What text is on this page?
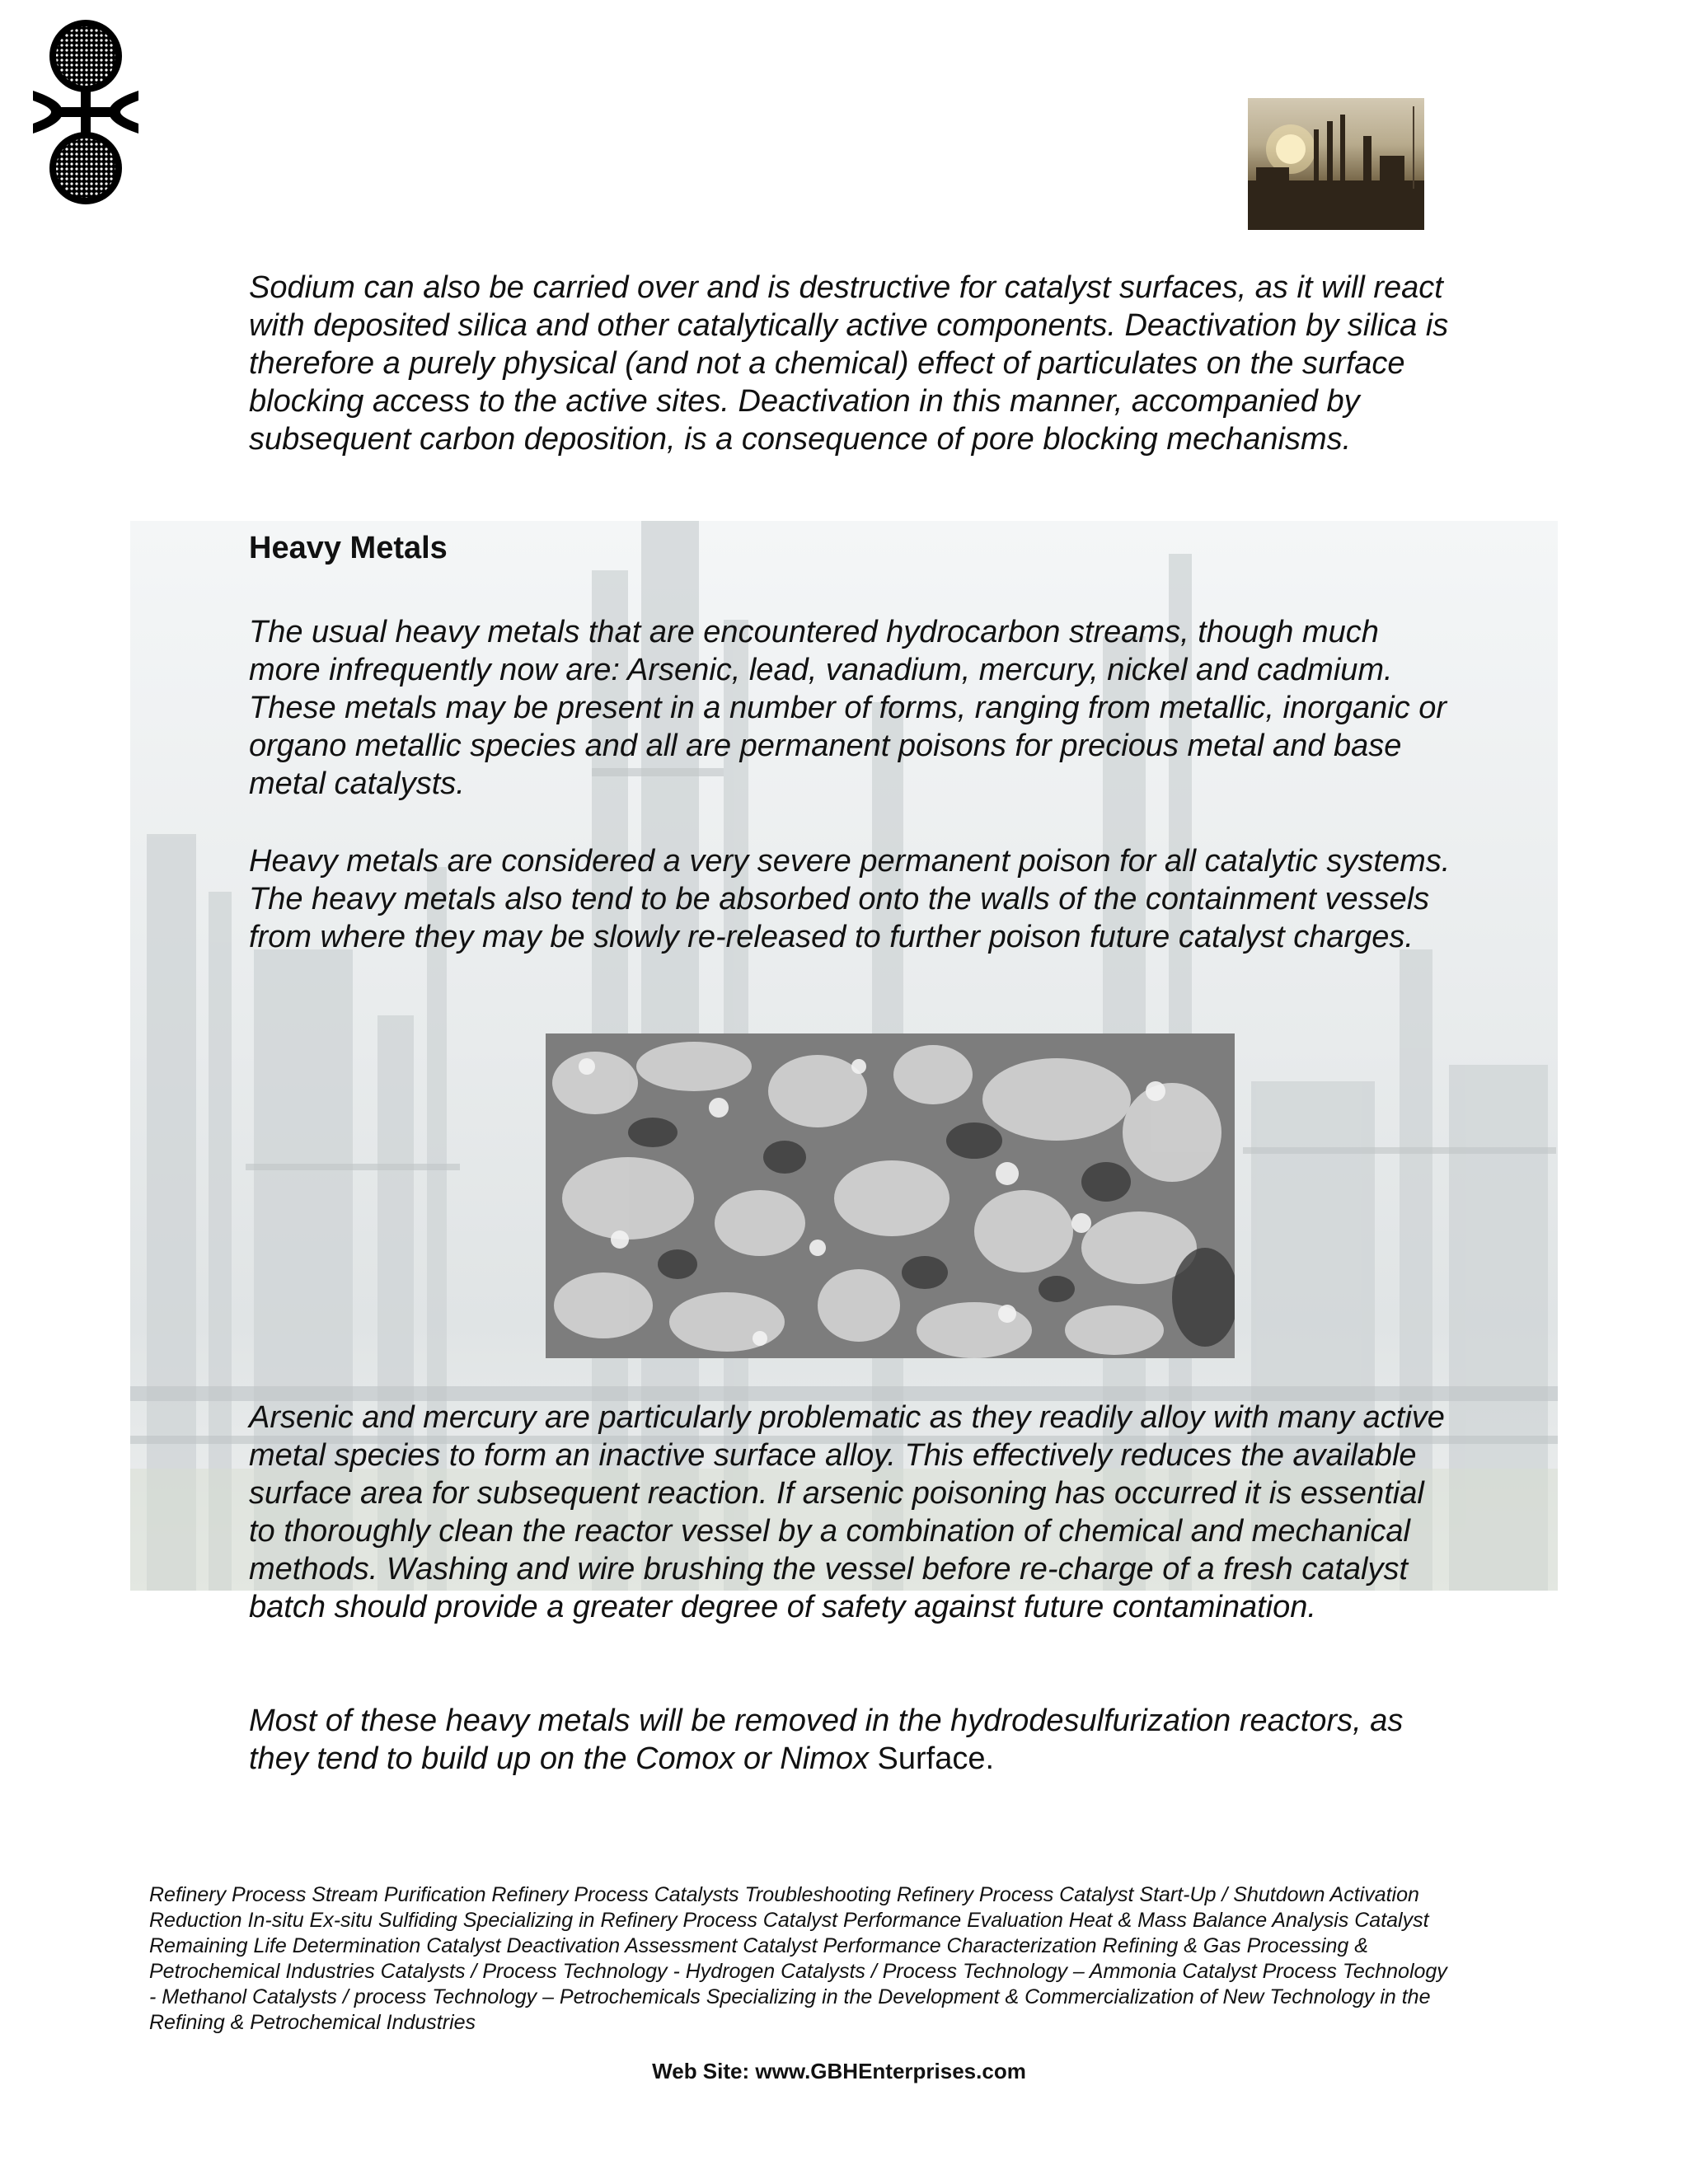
Sodium can also be carried over and is destructive for catalyst surfaces, as it will react with deposited silica and other catalytically active components. Deactivation by silica is therefore a purely physical (and not a chemical) effect of particulates on the surface blocking access to the active sites. Deactivation in this manner, accompanied by subsequent carbon deposition, is a consequence of pore blocking mechanisms.
Heavy Metals
The usual heavy metals that are encountered hydrocarbon streams, though much more infrequently now are: Arsenic, lead, vanadium, mercury, nickel and cadmium. These metals may be present in a number of forms, ranging from metallic, inorganic or organo metallic species and all are permanent poisons for precious metal and base metal catalysts.
Heavy metals are considered a very severe permanent poison for all catalytic systems. The heavy metals also tend to be absorbed onto the walls of the containment vessels from where they may be slowly re-released to further poison future catalyst charges.
Arsenic and mercury are particularly problematic as they readily alloy with many active metal species to form an inactive surface alloy. This effectively reduces the available surface area for subsequent reaction. If arsenic poisoning has occurred it is essential to thoroughly clean the reactor vessel by a combination of chemical and mechanical methods. Washing and wire brushing the vessel before re-charge of a fresh catalyst batch should provide a greater degree of safety against future contamination.
Most of these heavy metals will be removed in the hydrodesulfurization reactors, as they tend to build up on the Comox or Nimox Surface.
Refinery Process Stream Purification Refinery Process Catalysts Troubleshooting Refinery Process Catalyst Start-Up / Shutdown Activation Reduction In-situ Ex-situ Sulfiding Specializing in Refinery Process Catalyst Performance Evaluation Heat & Mass Balance Analysis Catalyst Remaining Life Determination Catalyst Deactivation Assessment Catalyst Performance Characterization Refining & Gas Processing & Petrochemical Industries Catalysts / Process Technology - Hydrogen Catalysts / Process Technology – Ammonia Catalyst Process Technology - Methanol Catalysts / process Technology – Petrochemicals Specializing in the Development & Commercialization of New Technology in the Refining & Petrochemical Industries
Web Site: www.GBHEnterprises.com
